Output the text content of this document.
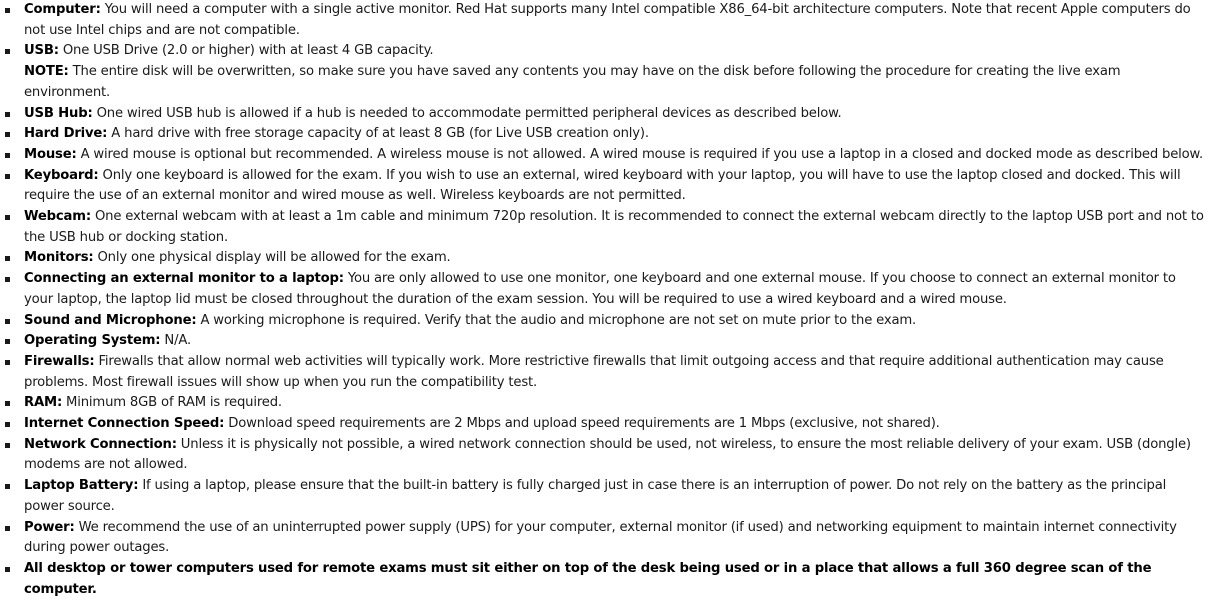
Computer: You will need a computer with a single active monitor. Red Hat supports many Intel compatible X86_64-bit architecture computers. Note that recent Apple computers do not use Intel chips and are not compatible.
USB: One USB Drive (2.0 or higher) with at least 4 GB capacity.
NOTE: The entire disk will be overwritten, so make sure you have saved any contents you may have on the disk before following the procedure for creating the live exam environment.
USB Hub: One wired USB hub is allowed if a hub is needed to accommodate permitted peripheral devices as described below.
Hard Drive: A hard drive with free storage capacity of at least 8 GB (for Live USB creation only).
Mouse: A wired mouse is optional but recommended. A wireless mouse is not allowed. A wired mouse is required if you use a laptop in a closed and docked mode as described below.
Keyboard: Only one keyboard is allowed for the exam. If you wish to use an external, wired keyboard with your laptop, you will have to use the laptop closed and docked. This will require the use of an external monitor and wired mouse as well. Wireless keyboards are not permitted.
Webcam: One external webcam with at least a 1m cable and minimum 720p resolution. It is recommended to connect the external webcam directly to the laptop USB port and not to the USB hub or docking station.
Monitors: Only one physical display will be allowed for the exam.
Connecting an external monitor to a laptop: You are only allowed to use one monitor, one keyboard and one external mouse. If you choose to connect an external monitor to your laptop, the laptop lid must be closed throughout the duration of the exam session. You will be required to use a wired keyboard and a wired mouse.
Sound and Microphone: A working microphone is required. Verify that the audio and microphone are not set on mute prior to the exam.
Operating System: N/A.
Firewalls: Firewalls that allow normal web activities will typically work. More restrictive firewalls that limit outgoing access and that require additional authentication may cause problems. Most firewall issues will show up when you run the compatibility test.
RAM: Minimum 8GB of RAM is required.
Internet Connection Speed: Download speed requirements are 2 Mbps and upload speed requirements are 1 Mbps (exclusive, not shared).
Network Connection: Unless it is physically not possible, a wired network connection should be used, not wireless, to ensure the most reliable delivery of your exam. USB (dongle) modems are not allowed.
Laptop Battery: If using a laptop, please ensure that the built-in battery is fully charged just in case there is an interruption of power. Do not rely on the battery as the principal power source.
Power: We recommend the use of an uninterrupted power supply (UPS) for your computer, external monitor (if used) and networking equipment to maintain internet connectivity during power outages.
All desktop or tower computers used for remote exams must sit either on top of the desk being used or in a place that allows a full 360 degree scan of the computer.
